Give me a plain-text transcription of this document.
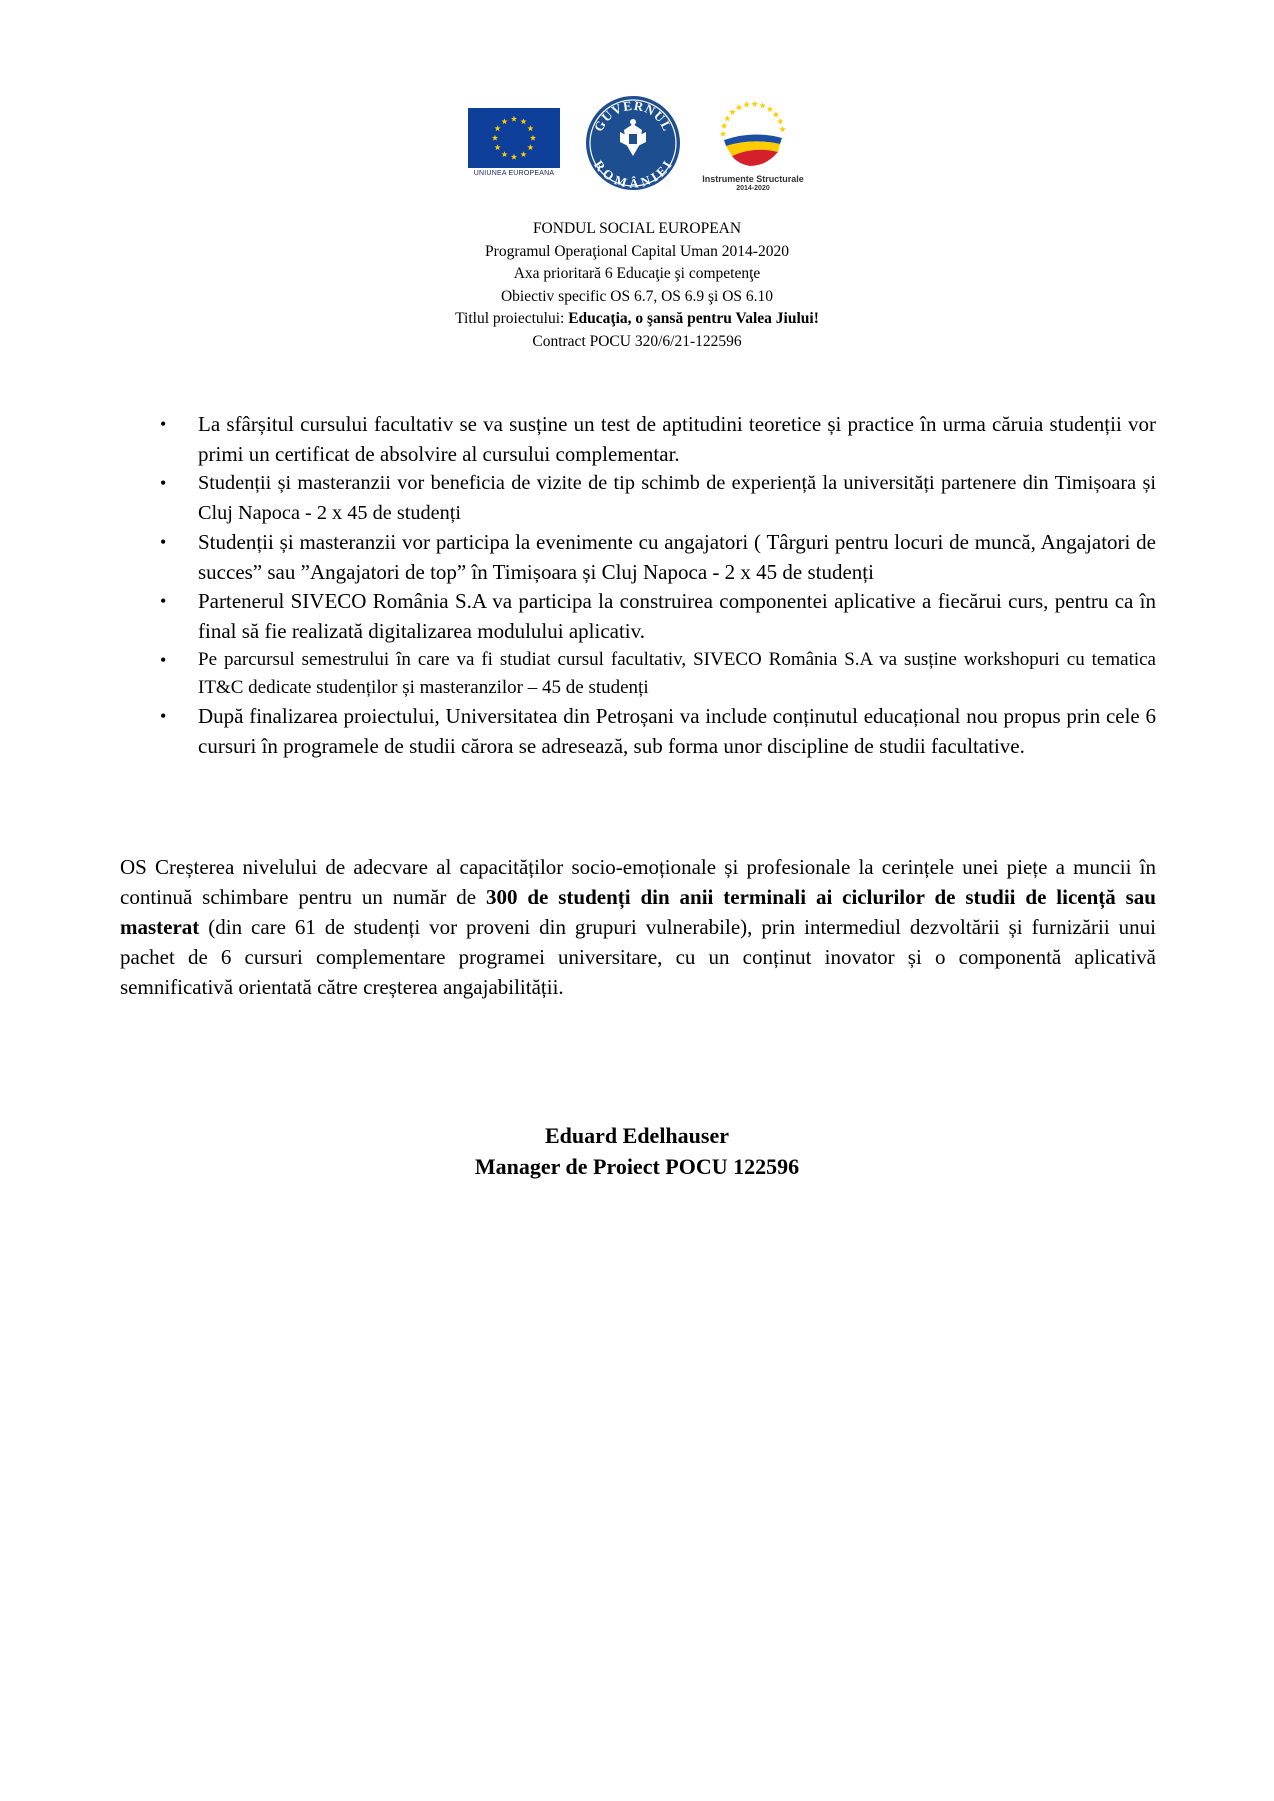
UNIUNEA EUROPEANA
GUVERNUL
ROMÂNIEI
Instrumente Structurale
2014-2020
FONDUL SOCIAL EUROPEAN
Programul Operaţional Capital Uman 2014-2020
Axa prioritară 6 Educaţie şi competenţe
Obiectiv specific OS 6.7, OS 6.9 şi OS 6.10
Titlul proiectului: Educaţia, o şansă pentru Valea Jiului!
Contract POCU 320/6/21-122596
• La sfârșitul cursului facultativ se va susține un test de aptitudini teoretice și practice în urma căruia studenții vor primi un certificat de absolvire al cursului complementar.
• Studenții și masteranzii vor beneficia de vizite de tip schimb de experiență la universități partenere din Timișoara și Cluj Napoca - 2 x 45 de studenți
• Studenții și masteranzii vor participa la evenimente cu angajatori ( Târguri pentru locuri de muncă, Angajatori de succes” sau ”Angajatori de top” în Timișoara și Cluj Napoca - 2 x 45 de studenți
• Partenerul SIVECO România S.A va participa la construirea componentei aplicative a fiecărui curs, pentru ca în final să fie realizată digitalizarea modulului aplicativ.
• Pe parcursul semestrului în care va fi studiat cursul facultativ, SIVECO România S.A va susține workshopuri cu tematica IT&C dedicate studenților și masteranzilor – 45 de studenți
• După finalizarea proiectului, Universitatea din Petroșani va include conținutul educațional nou propus prin cele 6 cursuri în programele de studii cărora se adresează, sub forma unor discipline de studii facultative.

OS Creșterea nivelului de adecvare al capacităților socio-emoționale și profesionale la cerințele unei piețe a muncii în continuă schimbare pentru un număr de 300 de studenți din anii terminali ai ciclurilor de studii de licență sau masterat (din care 61 de studenți vor proveni din grupuri vulnerabile), prin intermediul dezvoltării și furnizării unui pachet de 6 cursuri complementare programei universitare, cu un conținut inovator și o componentă aplicativă semnificativă orientată către creșterea angajabilității.

Eduard Edelhauser
Manager de Proiect POCU 122596
